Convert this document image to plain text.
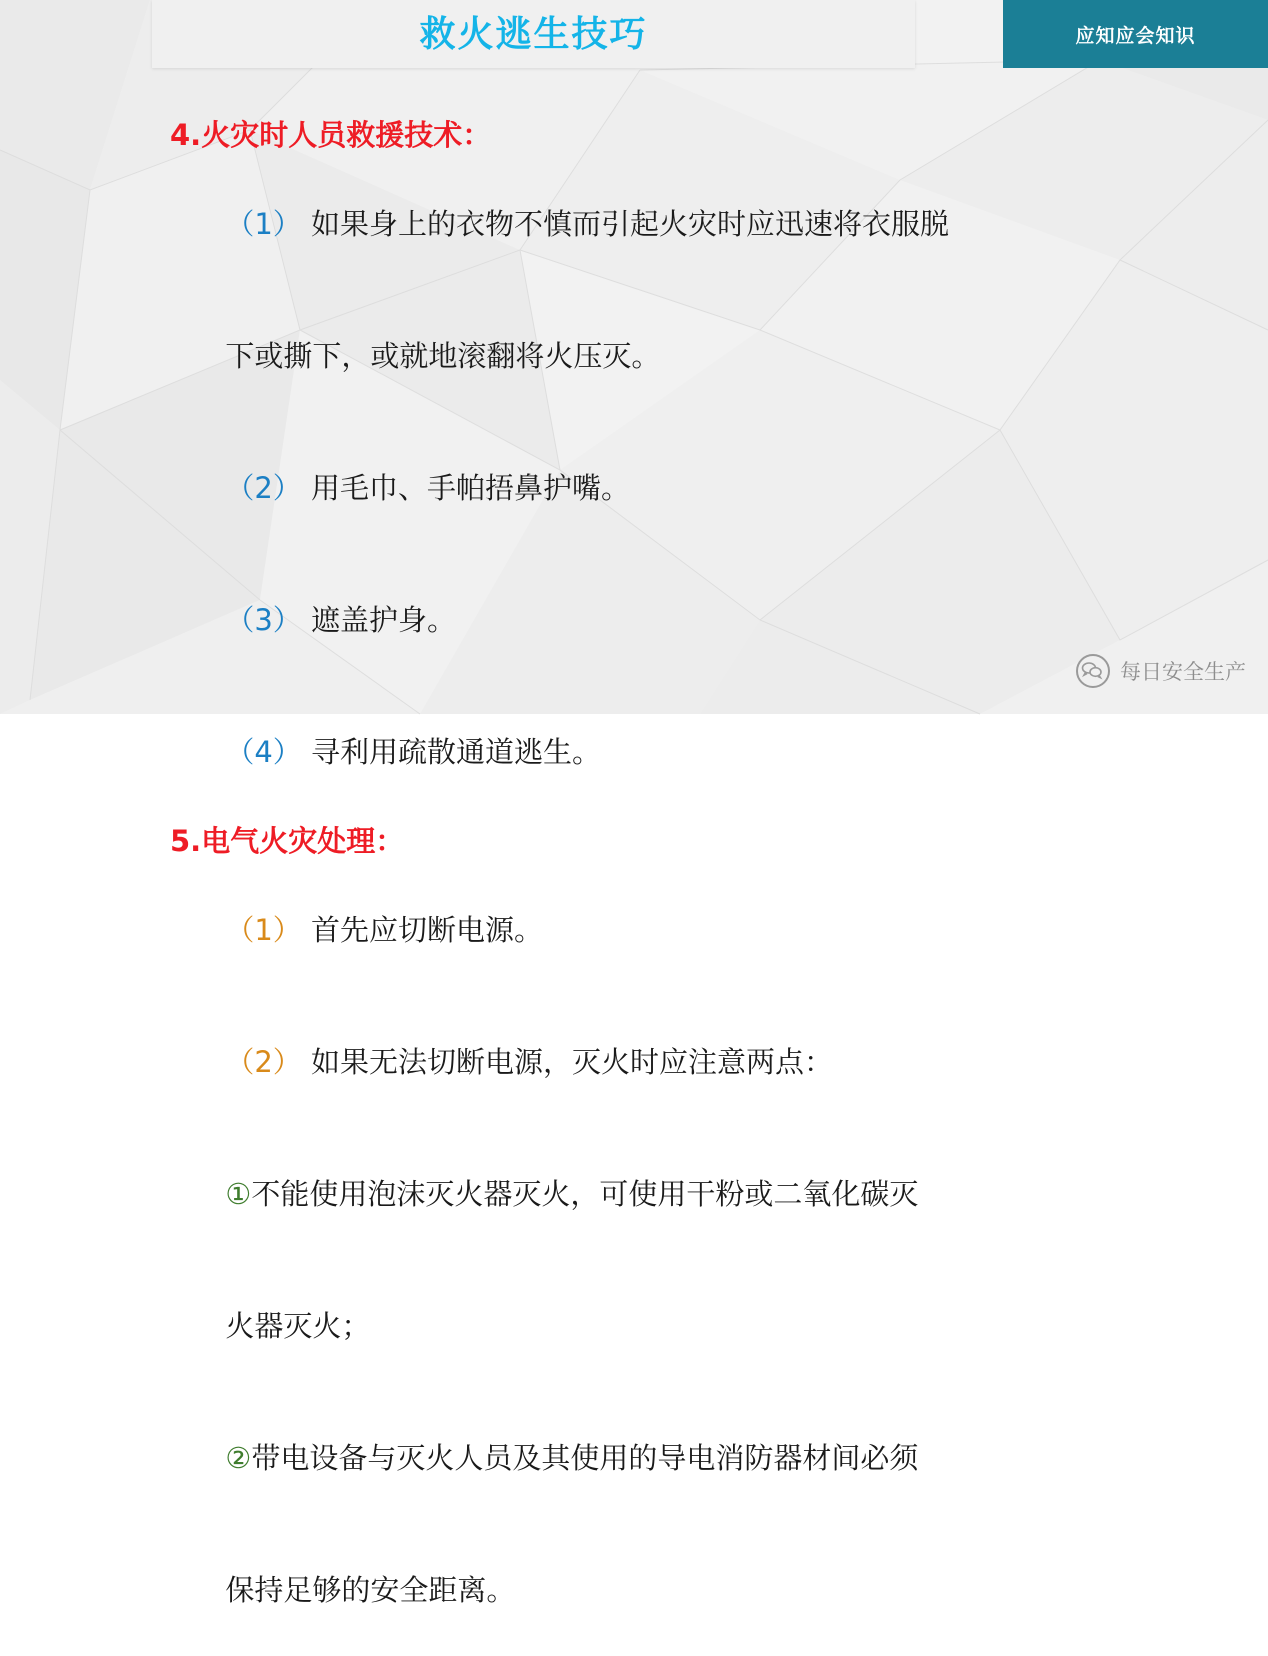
救火逃生技巧	应知应会知识
4.火灾时人员救援技术：

（1） 如果身上的衣物不慎而引起火灾时应迅速将衣服脱

下或撕下，或就地滚翻将火压灭。

（2） 用毛巾、手帕捂鼻护嘴。

（3） 遮盖护身。

（4） 寻利用疏散通道逃生。

5.电气火灾处理：

（1） 首先应切断电源。

（2） 如果无法切断电源，灭火时应注意两点：

①不能使用泡沫灭火器灭火，可使用干粉或二氧化碳灭

火器灭火；

②带电设备与灭火人员及其使用的导电消防器材间必须

保持足够的安全距离。

每日安全生产
